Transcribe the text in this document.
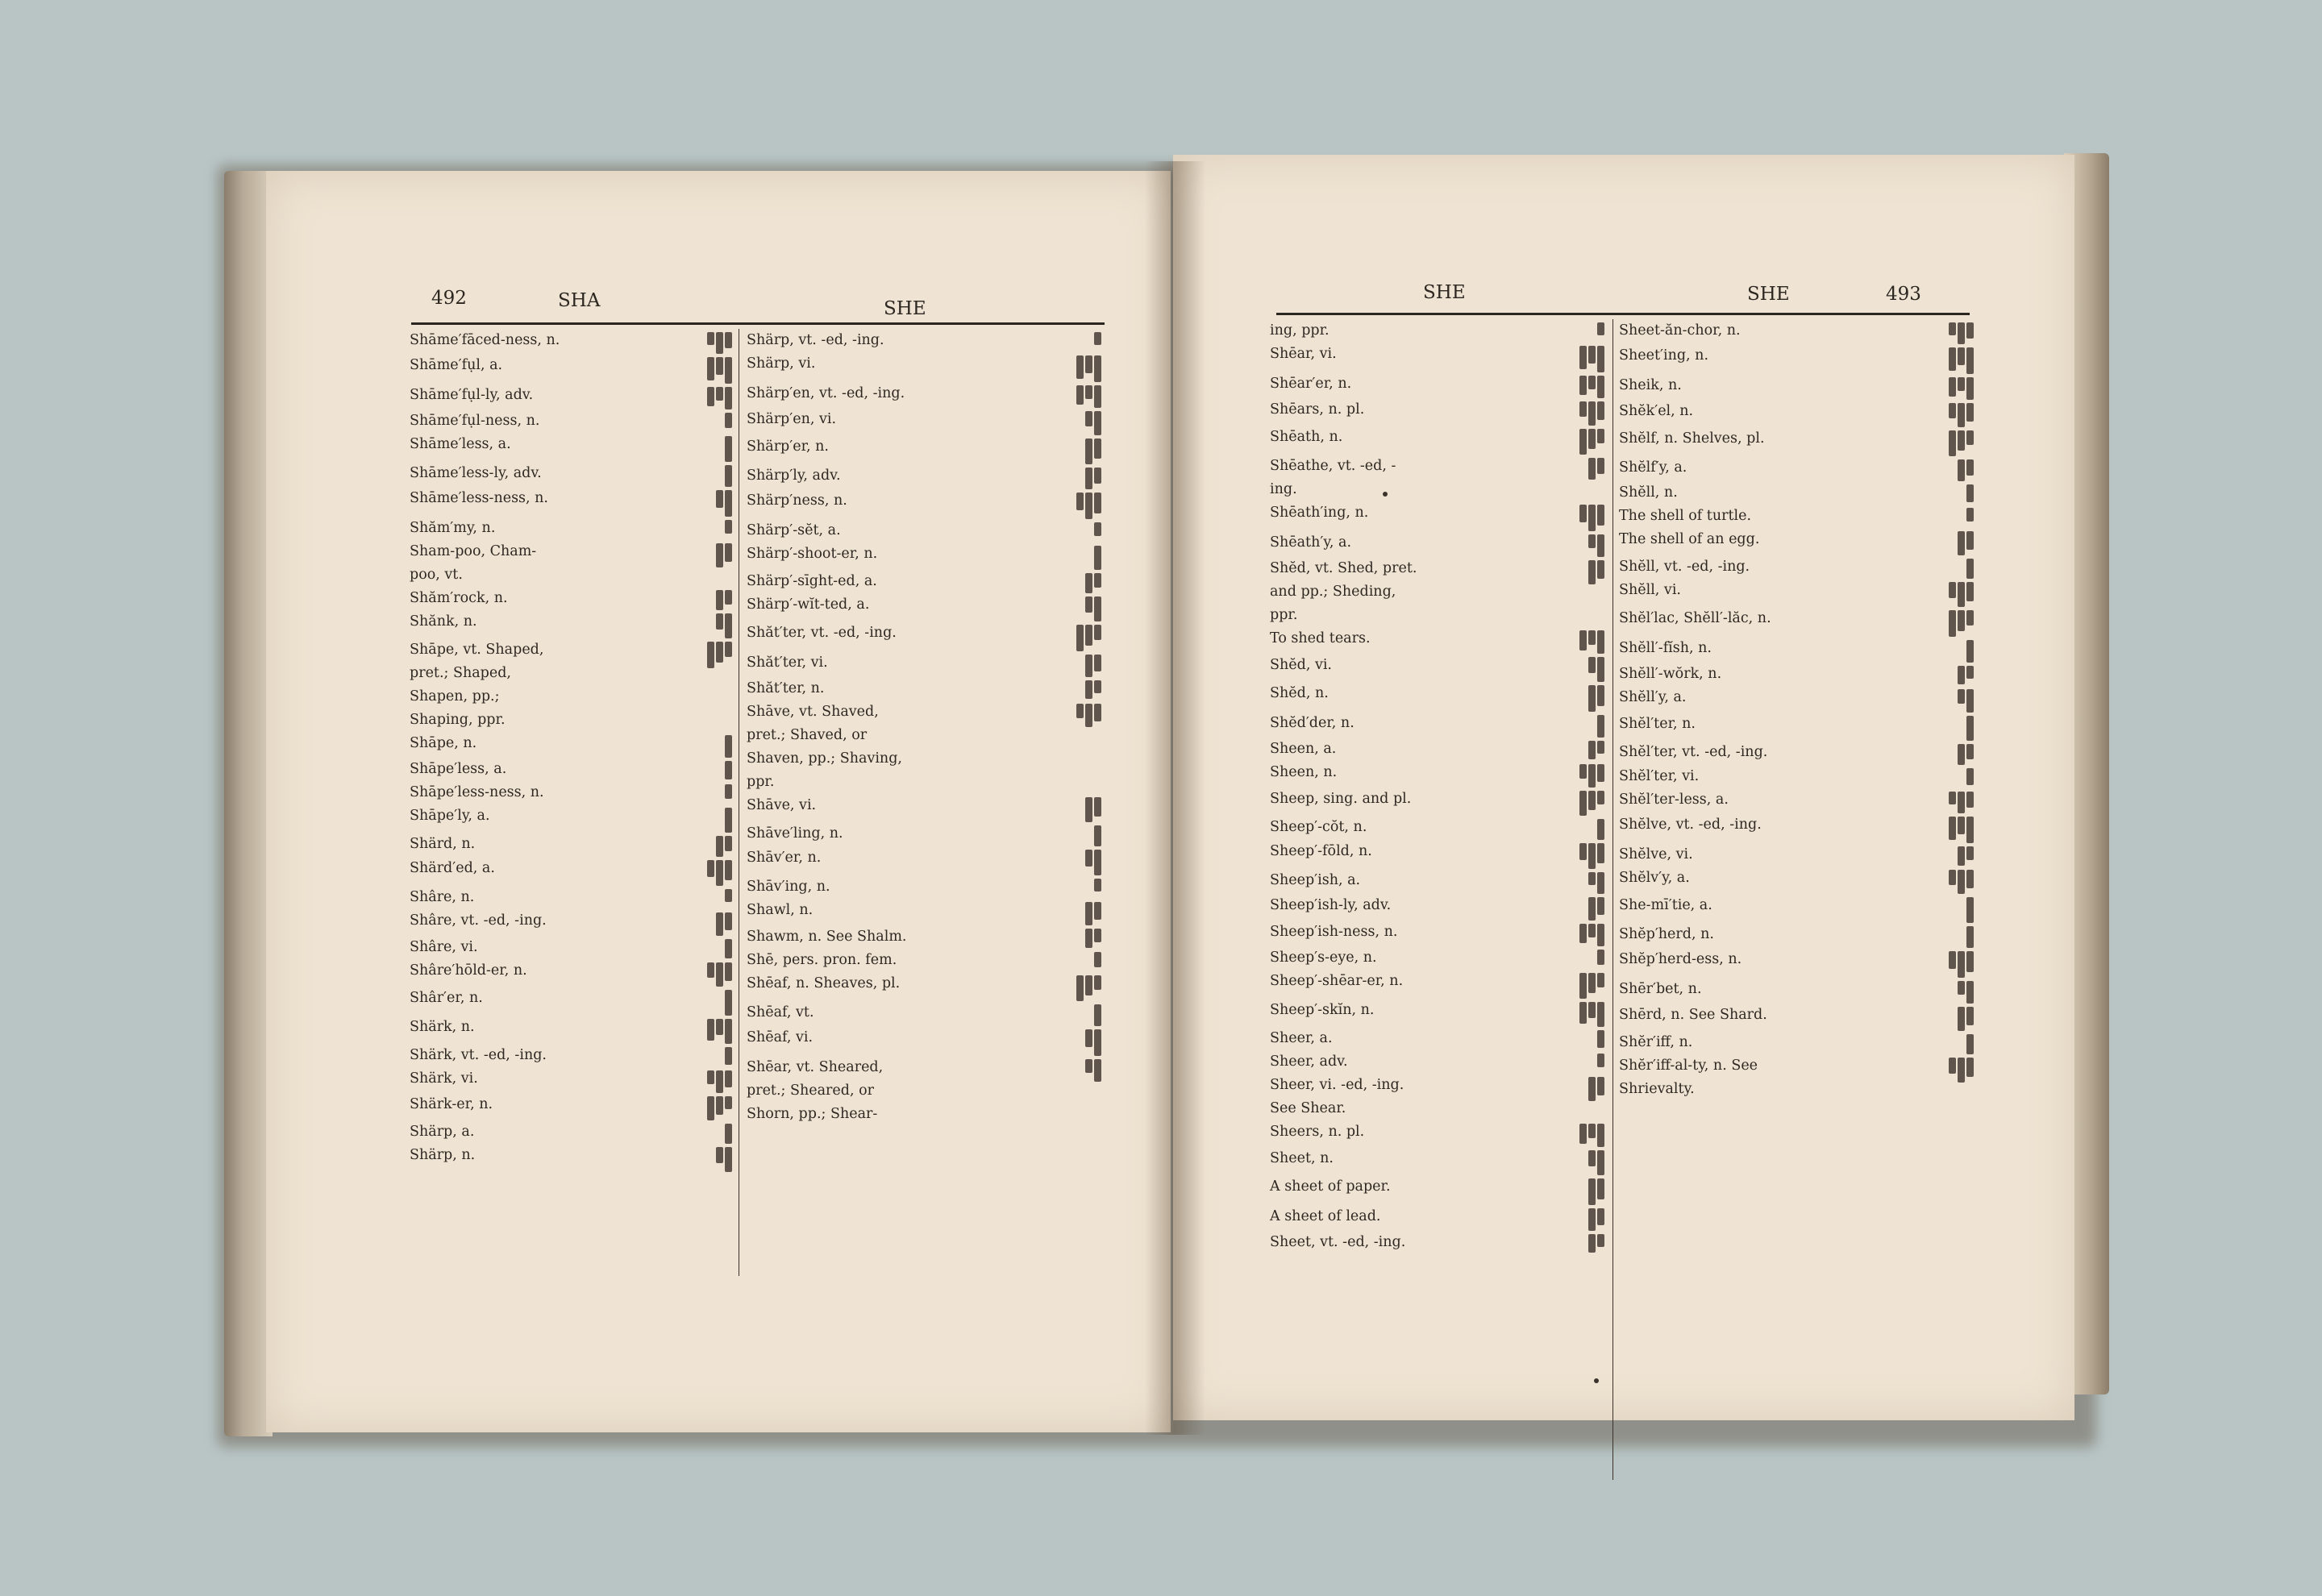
492	SHA	SHE
Shāme′fāced-ness, n.
Shāme′fụl, a.
Shāme′fụl-ly, adv.
Shāme′fụl-ness, n.
Shāme′less, a.
Shāme′less-ly, adv.
Shāme′less-ness, n.
Shăm′my, n.
Sham-poo, Cham-poo, vt.
Shăm′rock, n.
Shănk, n.
Shāpe, vt. Shaped, pret.; Shaped, Shapen, pp.; Shaping, ppr.
Shāpe, n.
Shāpe′less, a.
Shāpe′less-ness, n.
Shāpe′ly, a.
Shärd, n.
Shärd′ed, a.
Shâre, n.
Shâre, vt. -ed, -ing.
Shâre, vi.
Shâre′hōld-er, n.
Shâr′er, n.
Shärk, n.
Shärk, vt. -ed, -ing.
Shärk, vi.
Shärk-er, n.
Shärp, a.
Shärp, n.
Shärp, vt. -ed, -ing.
Shärp, vi.
Shärp′en, vt. -ed, -ing.
Shärp′en, vi.
Shärp′er, n.
Shärp′ly, adv.
Shärp′ness, n.
Shärp′-sĕt, a.
Shärp′-shoot-er, n.
Shärp′-sīght-ed, a.
Shärp′-wĭt-ted, a.
Shăt′ter, vt. -ed, -ing.
Shăt′ter, vi.
Shăt′ter, n.
Shāve, vt. Shaved, pret.; Shaved, or Shaven, pp.; Shaving, ppr.
Shāve, vi.
Shāve′ling, n.
Shāv′er, n.
Shāv′ing, n.
Shawl, n.
Shawm, n. See Shalm.
Shē, pers. pron. fem.
Shēaf, n. Sheaves, pl.
Shēaf, vt.
Shēaf, vi.
Shēar, vt. Sheared, pret.; Sheared, or Shorn, pp.; Shear-
SHE	SHE	493
ing, ppr.
Shēar, vi.
Shēar′er, n.
Shēars, n. pl.
Shēath, n.
Shēathe, vt. -ed, -ing.
Shēath′ing, n.
Shēath′y, a.
Shĕd, vt. Shed, pret. and pp.; Sheding, ppr.
To shed tears.
Shĕd, vi.
Shĕd, n.
Shĕd′der, n.
Sheen, a.
Sheen, n.
Sheep, sing. and pl.
Sheep′-cŏt, n.
Sheep′-fōld, n.
Sheep′ish, a.
Sheep′ish-ly, adv.
Sheep′ish-ness, n.
Sheep′s-eye, n.
Sheep′-shēar-er, n.
Sheep′-skĭn, n.
Sheer, a.
Sheer, adv.
Sheer, vi. -ed, -ing. See Shear.
Sheers, n. pl.
Sheet, n.
A sheet of paper.
A sheet of lead.
Sheet, vt. -ed, -ing.
Sheet-ăn-chor, n.
Sheet′ing, n.
Sheik, n.
Shĕk′el, n.
Shĕlf, n. Shelves, pl.
Shĕlf′y, a.
Shĕll, n.
The shell of turtle.
The shell of an egg.
Shĕll, vt. -ed, -ing.
Shĕll, vi.
Shĕl′lac, Shĕll′-lăc, n.
Shĕll′-fĭsh, n.
Shĕll′-wŏrk, n.
Shĕll′y, a.
Shĕl′ter, n.
Shĕl′ter, vt. -ed, -ing.
Shĕl′ter, vi.
Shĕl′ter-less, a.
Shĕlve, vt. -ed, -ing.
Shĕlve, vi.
Shĕlv′y, a.
She-mī′tie, a.
Shĕp′herd, n.
Shĕp′herd-ess, n.
Shēr′bet, n.
Shērd, n. See Shard.
Shĕr′iff, n.
Shĕr′iff-al-ty, n. See Shrievalty.
